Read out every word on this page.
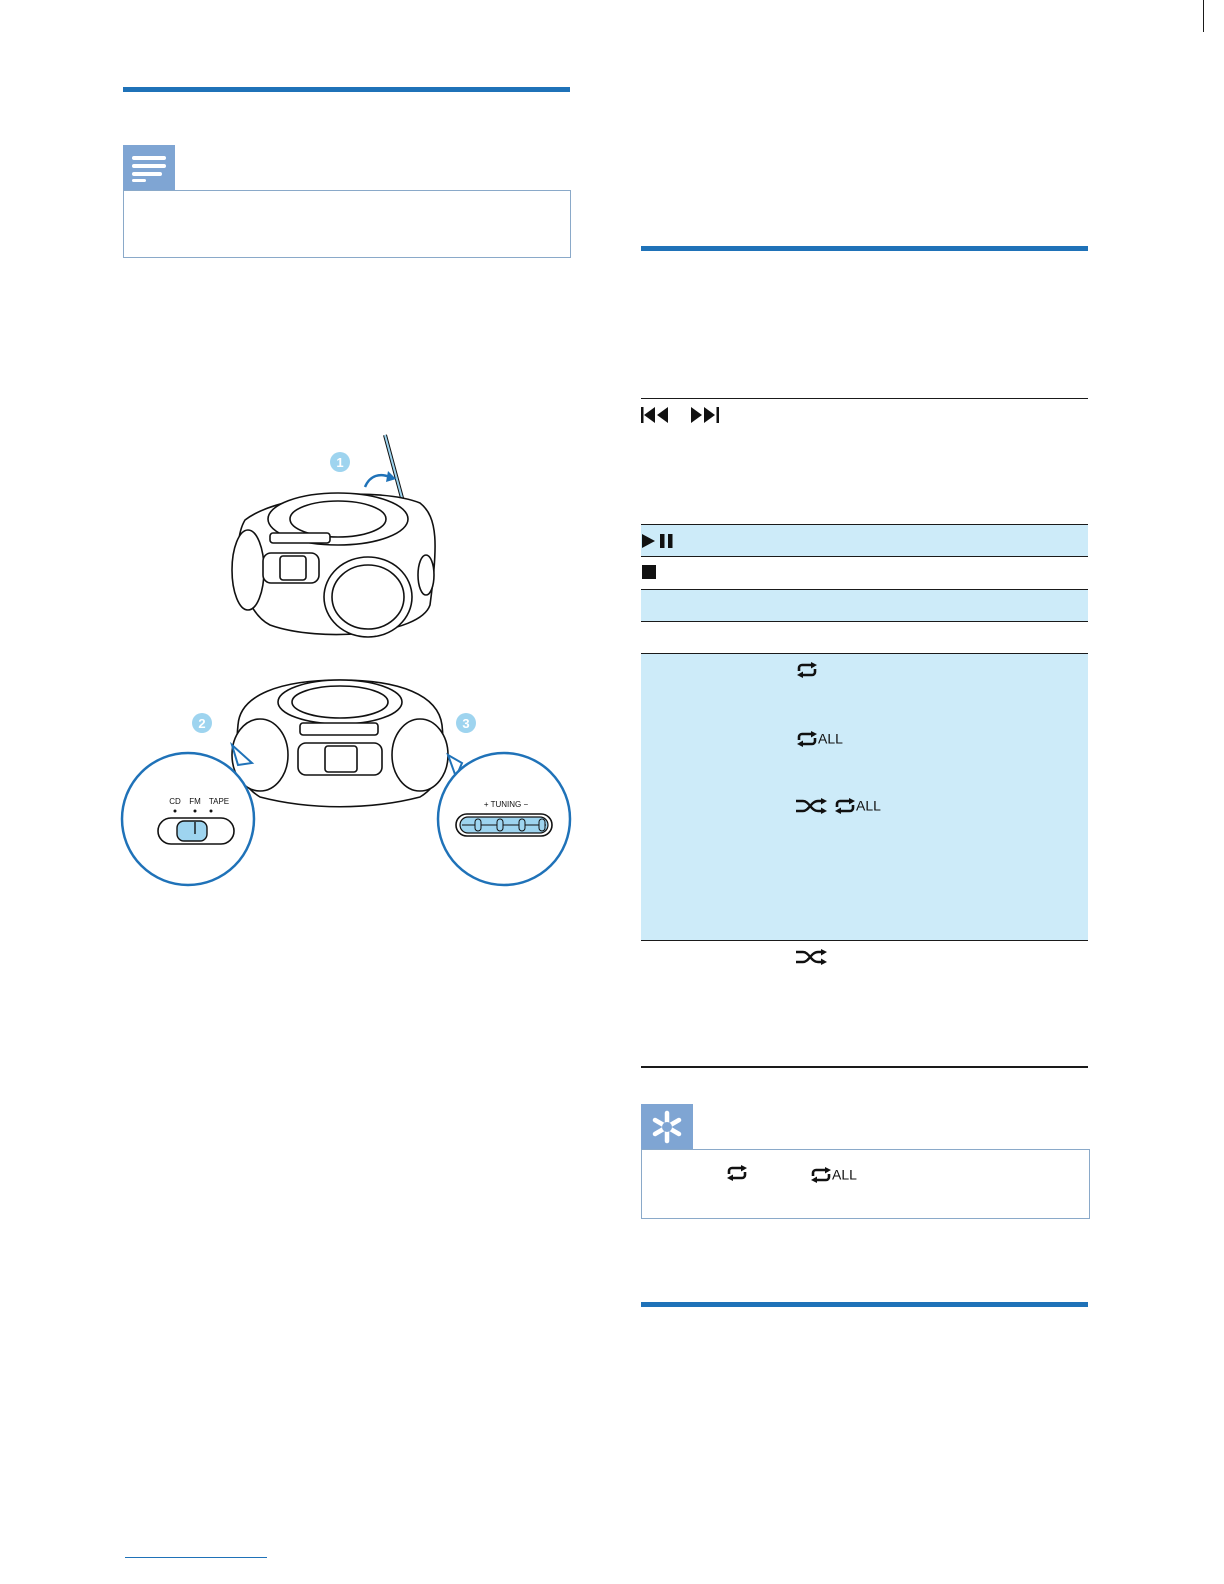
1
2	3
CD FM TAPE	+ TUNING −
ALL
ALL
ALL
